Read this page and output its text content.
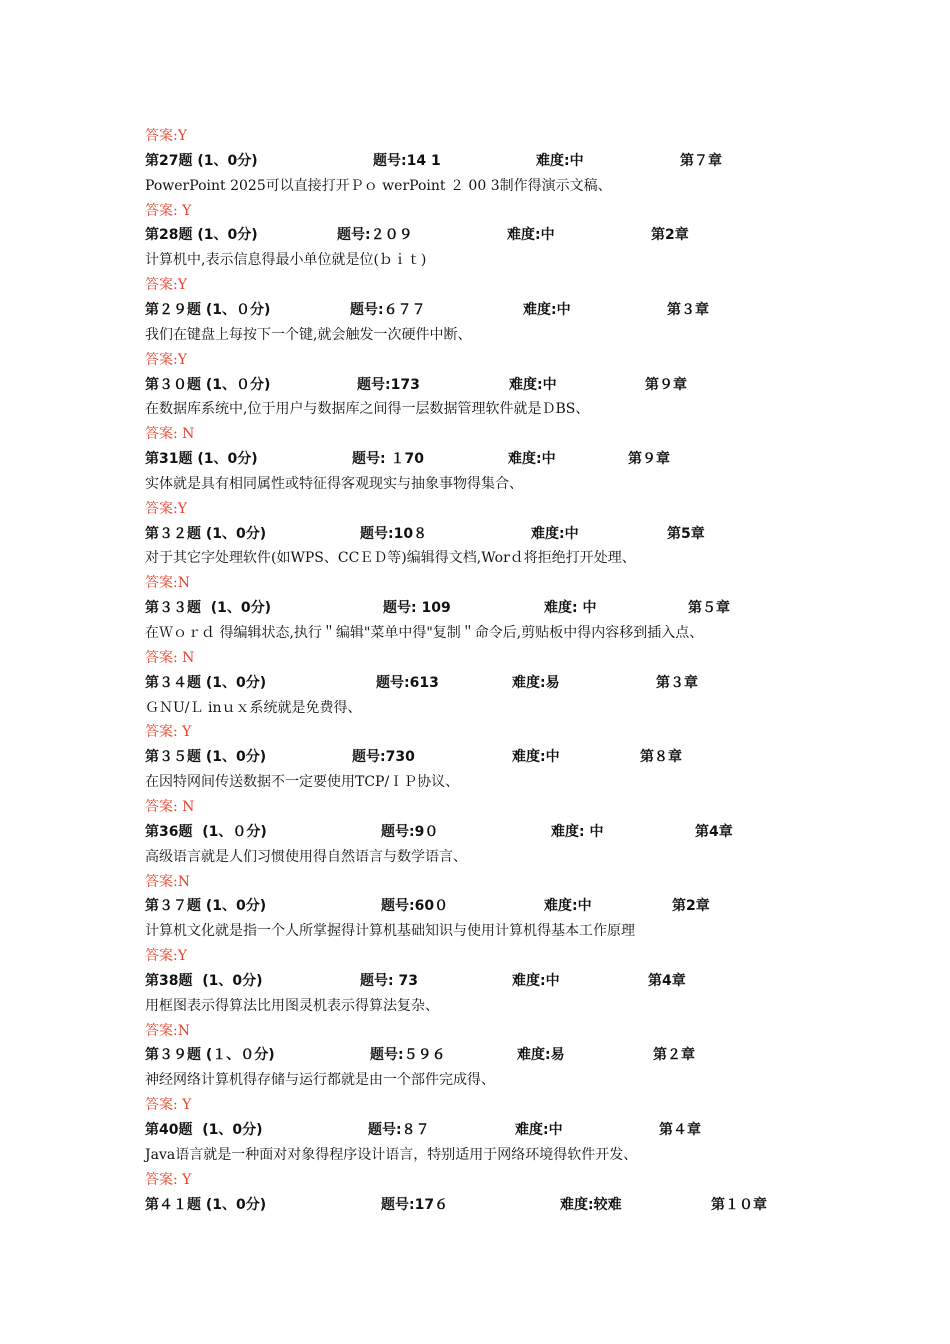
答案:Y
第27题 (1、0分)	题号:14 1	难度:中	第７章
PowerPoint 2025可以直接打开Ｐｏ werPoint ２ 00 3制作得演示文稿、
答案: Y
第28题 (1、0分)	题号:２０９	难度:中	第2章
计算机中,表示信息得最小单位就是位(ｂｉｔ)
答案:Y
第２９题 (1、０分)	题号:６７７	难度:中	第３章
我们在键盘上每按下一个键,就会触发一次硬件中断、
答案:Y
第３０题 (1、０分)	题号:173	难度:中	第９章
在数据库系统中,位于用户与数据库之间得一层数据管理软件就是ＤBS、
答案: N
第31题 (1、0分)	题号: １70	难度:中	第９章
实体就是具有相同属性或特征得客观现实与抽象事物得集合、
答案:Y
第３２题 (1、0分)	题号:10８	难度:中	第5章
对于其它字处理软件(如WPS、CCＥＤ等)编辑得文档,Worｄ将拒绝打开处理、
答案:N
第３３题  (1、0分)	题号: 109	难度: 中	第５章
在Ｗｏｒｄ 得编辑状态,执行＂编辑"菜单中得"复制＂命令后,剪贴板中得内容移到插入点、
答案: N
第３４题 (1、0分)	题号:613	难度:易	第３章
ＧＮU/Ｌ inｕｘ系统就是免费得、
答案: Y
第３５题 (1、0分)	题号:730	难度:中	第８章
在因特网间传送数据不一定要使用TCP/ＩＰ协议、
答案: N
第36题  (1、０分)	题号:9０	难度: 中	第4章
高级语言就是人们习惯使用得自然语言与数学语言、
答案:N
第３７题 (1、0分)	题号:60０	难度:中	第2章
计算机文化就是指一个人所掌握得计算机基础知识与使用计算机得基本工作原理
答案:Y
第38题  (1、0分)	题号: 73	难度:中	第4章
用框图表示得算法比用图灵机表示得算法复杂、
答案:N
第３９题 (１、０分)	题号:５９６	难度:易	第２章
神经网络计算机得存储与运行都就是由一个部件完成得、
答案: Y
第40题  (1、0分)	题号:８７	难度:中	第４章
Java语言就是一种面对对象得程序设计语言，特别适用于网络环境得软件开发、
答案: Y
第４１题 (1、0分)	题号:17６	难度:较难	第１０章
